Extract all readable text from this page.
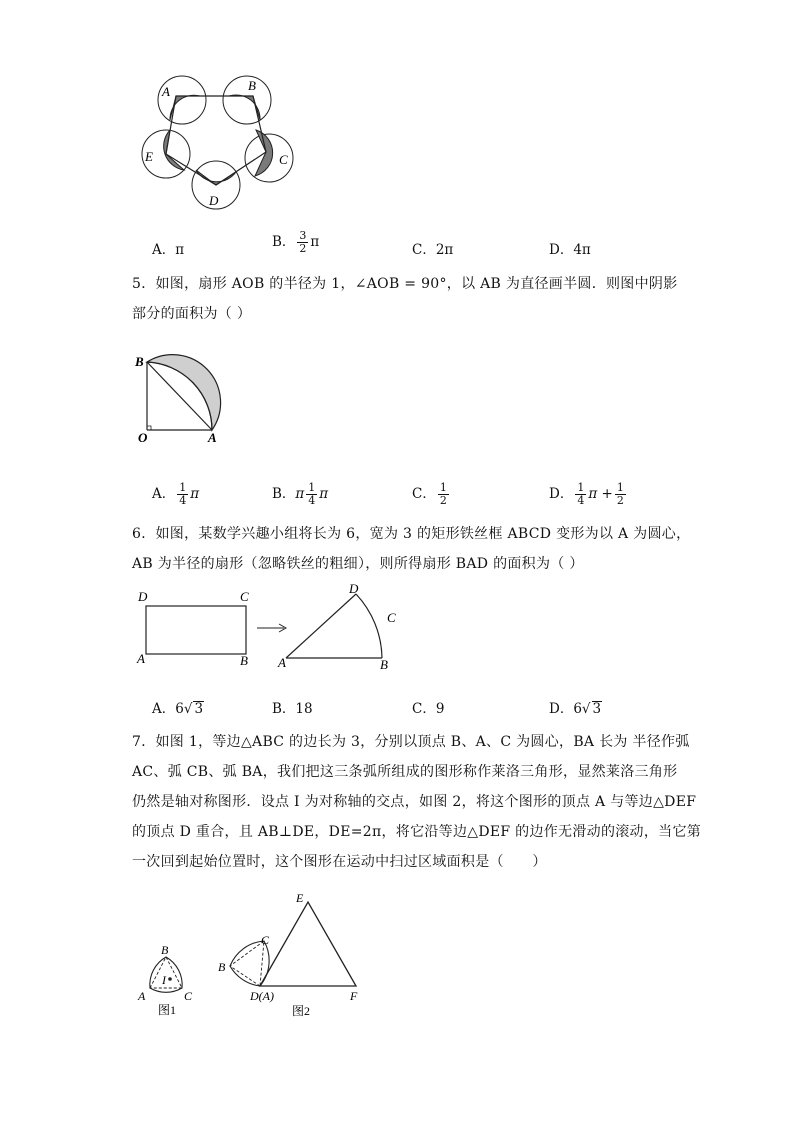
A	B
C
E
D
A．π	B． $\frac{3}{2}$ π	C．2π	D．4π
5．如图，扇形 AOB 的半径为 1，∠AOB = 90°，以 AB 为直径画半圆．则图中阴影
部分的面积为（ ）
B
O	A
A． $\frac{1}{4}$ π	B．π $\frac{1}{4}$ π	C． $\frac{1}{2}$	D． $\frac{1}{4}$ $\pi + \frac{1}{2}$
6．如图，某数学兴趣小组将长为 6，宽为 3 的矩形铁丝框 ABCD 变形为以 A 为圆心，
AB 为半径的扇形（忽略铁丝的粗细），则所得扇形 BAD 的面积为（ ）
D	C
A	B
D
C
A	B
A．6√ 3	B．18	C．9	D．6√ 3
7．如图 1，等边△ABC 的边长为 3，分别以顶点 B、A、C 为圆心，BA 长为 半径作弧
AC、弧 CB、弧 BA，我们把这三条弧所组成的图形称作莱洛三角形，显然莱洛三角形
仍然是轴对称图形．设点 I 为对称轴的交点，如图 2，将这个图形的顶点 A 与等边△DEF
的顶点 D 重合，且 AB⊥DE，DE=2π，将它沿等边△DEF 的边作无滑动的滚动，当它第
一次回到起始位置时，这个图形在运动中扫过区域面积是（　　）
B
I
A	C
图1
E
C
B
D(A)	F
图2
